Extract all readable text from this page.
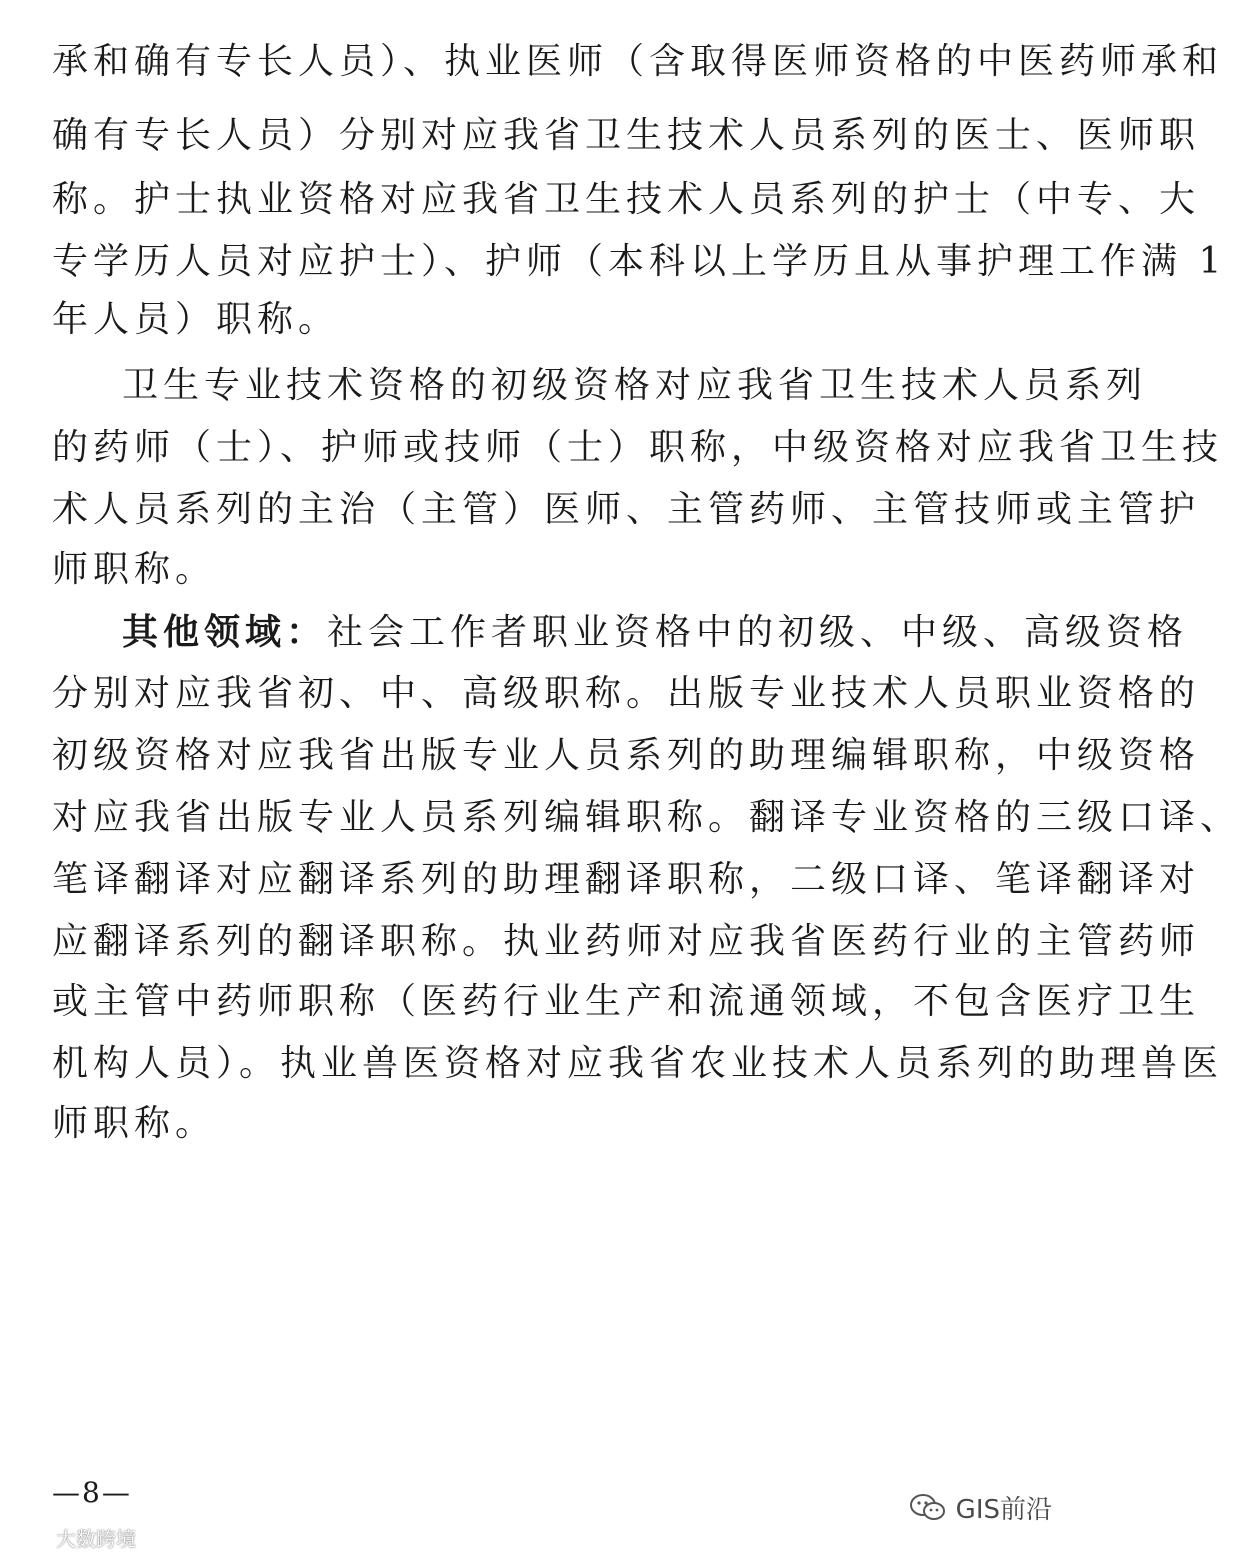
承和确有专长人员）、执业医师（含取得医师资格的中医药师承和
确有专长人员）分别对应我省卫生技术人员系列的医士、医师职
称。护士执业资格对应我省卫生技术人员系列的护士（中专、大
专学历人员对应护士）、护师（本科以上学历且从事护理工作满 1
年人员）职称。
卫生专业技术资格的初级资格对应我省卫生技术人员系列
的药师（士）、护师或技师（士）职称，中级资格对应我省卫生技
术人员系列的主治（主管）医师、主管药师、主管技师或主管护
师职称。
其他领域：社会工作者职业资格中的初级、中级、高级资格
分别对应我省初、中、高级职称。出版专业技术人员职业资格的
初级资格对应我省出版专业人员系列的助理编辑职称，中级资格
对应我省出版专业人员系列编辑职称。翻译专业资格的三级口译、
笔译翻译对应翻译系列的助理翻译职称，二级口译、笔译翻译对
应翻译系列的翻译职称。执业药师对应我省医药行业的主管药师
或主管中药师职称（医药行业生产和流通领域，不包含医疗卫生
机构人员）。执业兽医资格对应我省农业技术人员系列的助理兽医
师职称。
—8—
GIS前沿
大数跨境
